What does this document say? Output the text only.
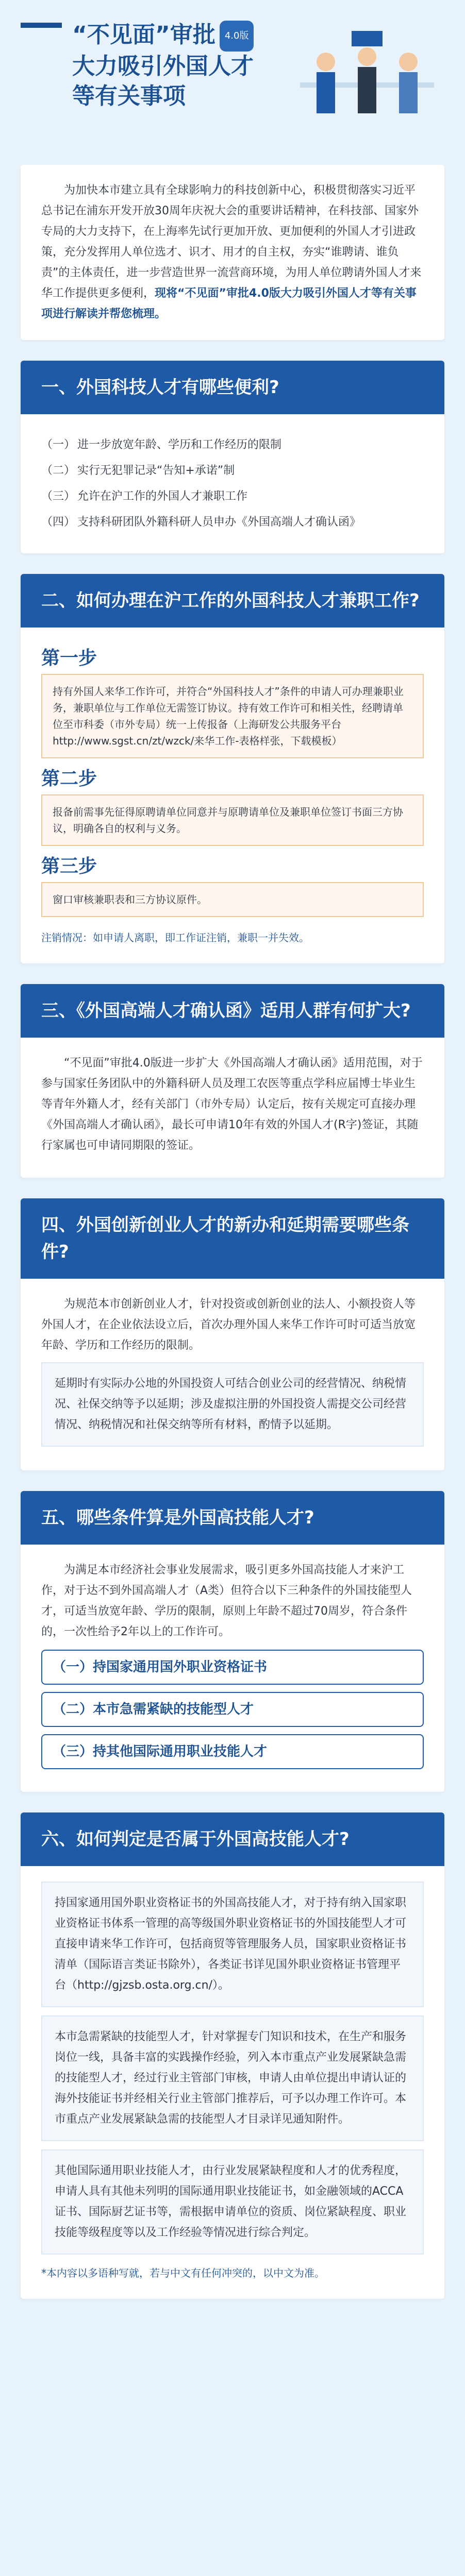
“不见面”审批 4.0版
大力吸引外国人才
等有关事项
为加快本市建立具有全球影响力的科技创新中心，积极贯彻落实习近平总书记在浦东开发开放30周年庆祝大会的重要讲话精神，在科技部、国家外专局的大力支持下，在上海率先试行更加开放、更加便利的外国人才引进政策，充分发挥用人单位选才、识才、用才的自主权，夯实“谁聘请、谁负责”的主体责任，进一步营造世界一流营商环境，为用人单位聘请外国人才来华工作提供更多便利，现将“不见面”审批4.0版大力吸引外国人才等有关事项进行解读并帮您梳理。
一、外国科技人才有哪些便利?
（一） 进一步放宽年龄、学历和工作经历的限制
（二） 实行无犯罪记录“告知+承诺”制
（三） 允许在沪工作的外国人才兼职工作
（四） 支持科研团队外籍科研人员申办《外国高端人才确认函》
二、如何办理在沪工作的外国科技人才兼职工作?
第一步
持有外国人来华工作许可，并符合“外国科技人才”条件的申请人可办理兼职业务，兼职单位与工作单位无需签订协议。持有效工作许可和相关性，经聘请单位至市科委（市外专局）统一上传报备（上海研发公共服务平台 http://www.sgst.cn/zt/wzck/来华工作-表格样张，下载模板）
第二步
报备前需事先征得原聘请单位同意并与原聘请单位及兼职单位签订书面三方协议，明确各自的权利与义务。
第三步
窗口审核兼职表和三方协议原件。
注销情况：如申请人离职，即工作证注销，兼职一并失效。
三、《外国高端人才确认函》适用人群有何扩大?

“不见面”审批4.0版进一步扩大《外国高端人才确认函》适用范围，对于参与国家任务团队中的外籍科研人员及理工农医等重点学科应届博士毕业生等青年外籍人才，经有关部门（市外专局）认定后，按有关规定可直接办理《外国高端人才确认函》，最长可申请10年有效的外国人才(R字)签证，其随行家属也可申请同期限的签证。

四、外国创新创业人才的新办和延期需要哪些条件?

为规范本市创新创业人才，针对投资或创新创业的法人、小额投资人等外国人才，在企业依法设立后，首次办理外国人来华工作许可时可适当放宽年龄、学历和工作经历的限制。

延期时有实际办公地的外国投资人可结合创业公司的经营情况、纳税情况、社保交纳等予以延期；涉及虚拟注册的外国投资人需提交公司经营情况、纳税情况和社保交纳等所有材料，酌情予以延期。
五、哪些条件算是外国高技能人才?

为满足本市经济社会事业发展需求，吸引更多外国高技能人才来沪工作，对于达不到外国高端人才（A类）但符合以下三种条件的外国技能型人才，可适当放宽年龄、学历的限制，原则上年龄不超过70周岁，符合条件的，一次性给予2年以上的工作许可。

（一）持国家通用国外职业资格证书
（二）本市急需紧缺的技能型人才
（三）持其他国际通用职业技能人才
六、如何判定是否属于外国高技能人才?
持国家通用国外职业资格证书的外国高技能人才，对于持有纳入国家职业资格证书体系一管理的高等级国外职业资格证书的外国技能型人才可直接申请来华工作许可，包括商贸等管理服务人员，国家职业资格证书清单（国际语言类证书除外），各类证书详见国外职业资格证书管理平台（http://gjzsb.osta.org.cn/）。
本市急需紧缺的技能型人才，针对掌握专门知识和技术，在生产和服务岗位一线，具备丰富的实践操作经验，列入本市重点产业发展紧缺急需的技能型人才，经过行业主管部门审核，申请人由单位提出申请认证的海外技能证书并经相关行业主管部门推荐后，可予以办理工作许可。本市重点产业发展紧缺急需的技能型人才目录详见通知附件。
其他国际通用职业技能人才，由行业发展紧缺程度和人才的优秀程度，申请人具有其他未列明的国际通用职业技能证书，如金融领域的ACCA证书、国际厨艺证书等，需根据申请单位的资质、岗位紧缺程度、职业技能等级程度等以及工作经验等情况进行综合判定。
*本内容以多语种写就，若与中文有任何冲突的，以中文为准。
